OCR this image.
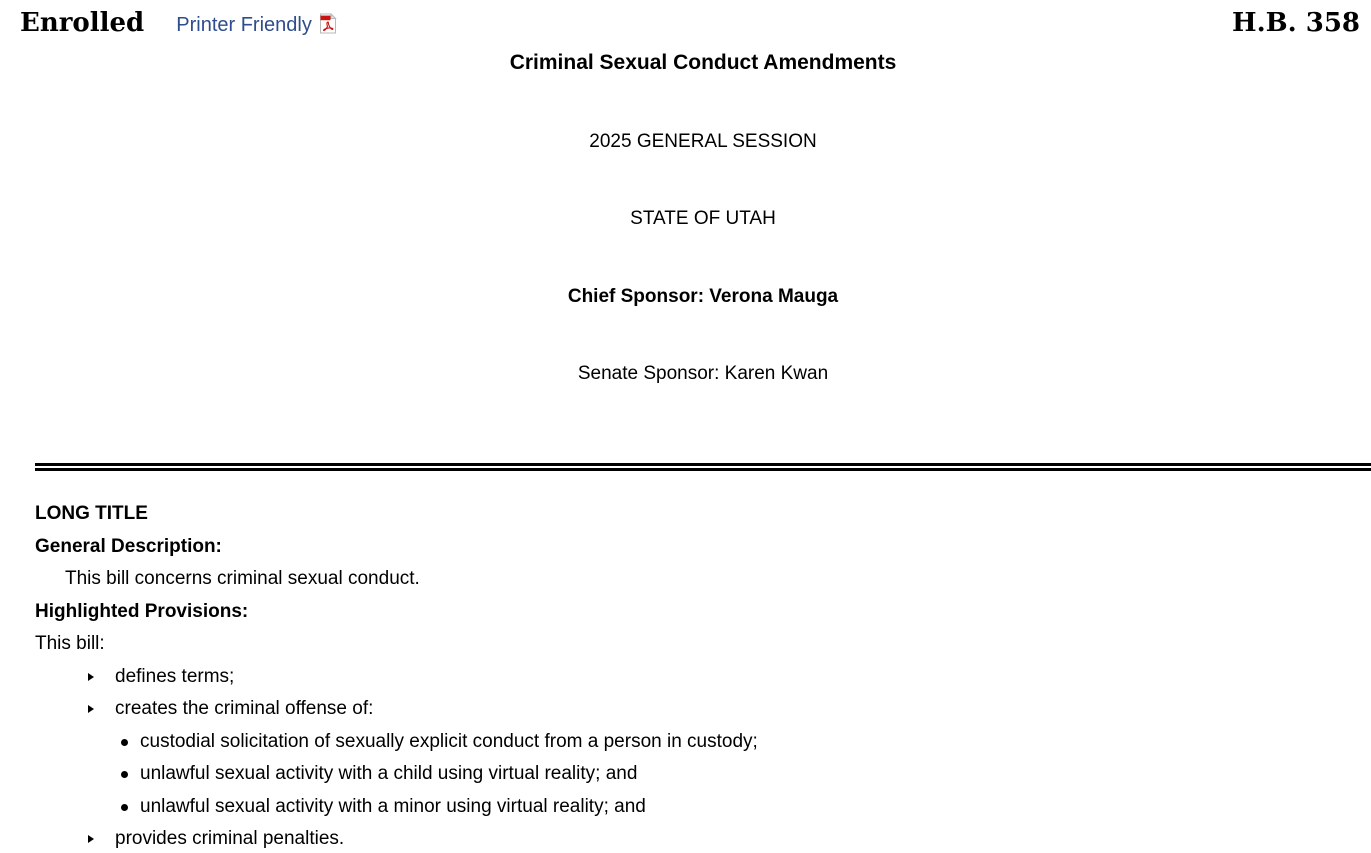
Enrolled Printer Friendly	H.B. 358
Criminal Sexual Conduct Amendments
2025 GENERAL SESSION
STATE OF UTAH
Chief Sponsor: Verona Mauga
Senate Sponsor: Karen Kwan
LONG TITLE
General Description:
This bill concerns criminal sexual conduct.
Highlighted Provisions:
This bill:
defines terms;
creates the criminal offense of:
custodial solicitation of sexually explicit conduct from a person in custody;
unlawful sexual activity with a child using virtual reality; and
unlawful sexual activity with a minor using virtual reality; and
provides criminal penalties.
